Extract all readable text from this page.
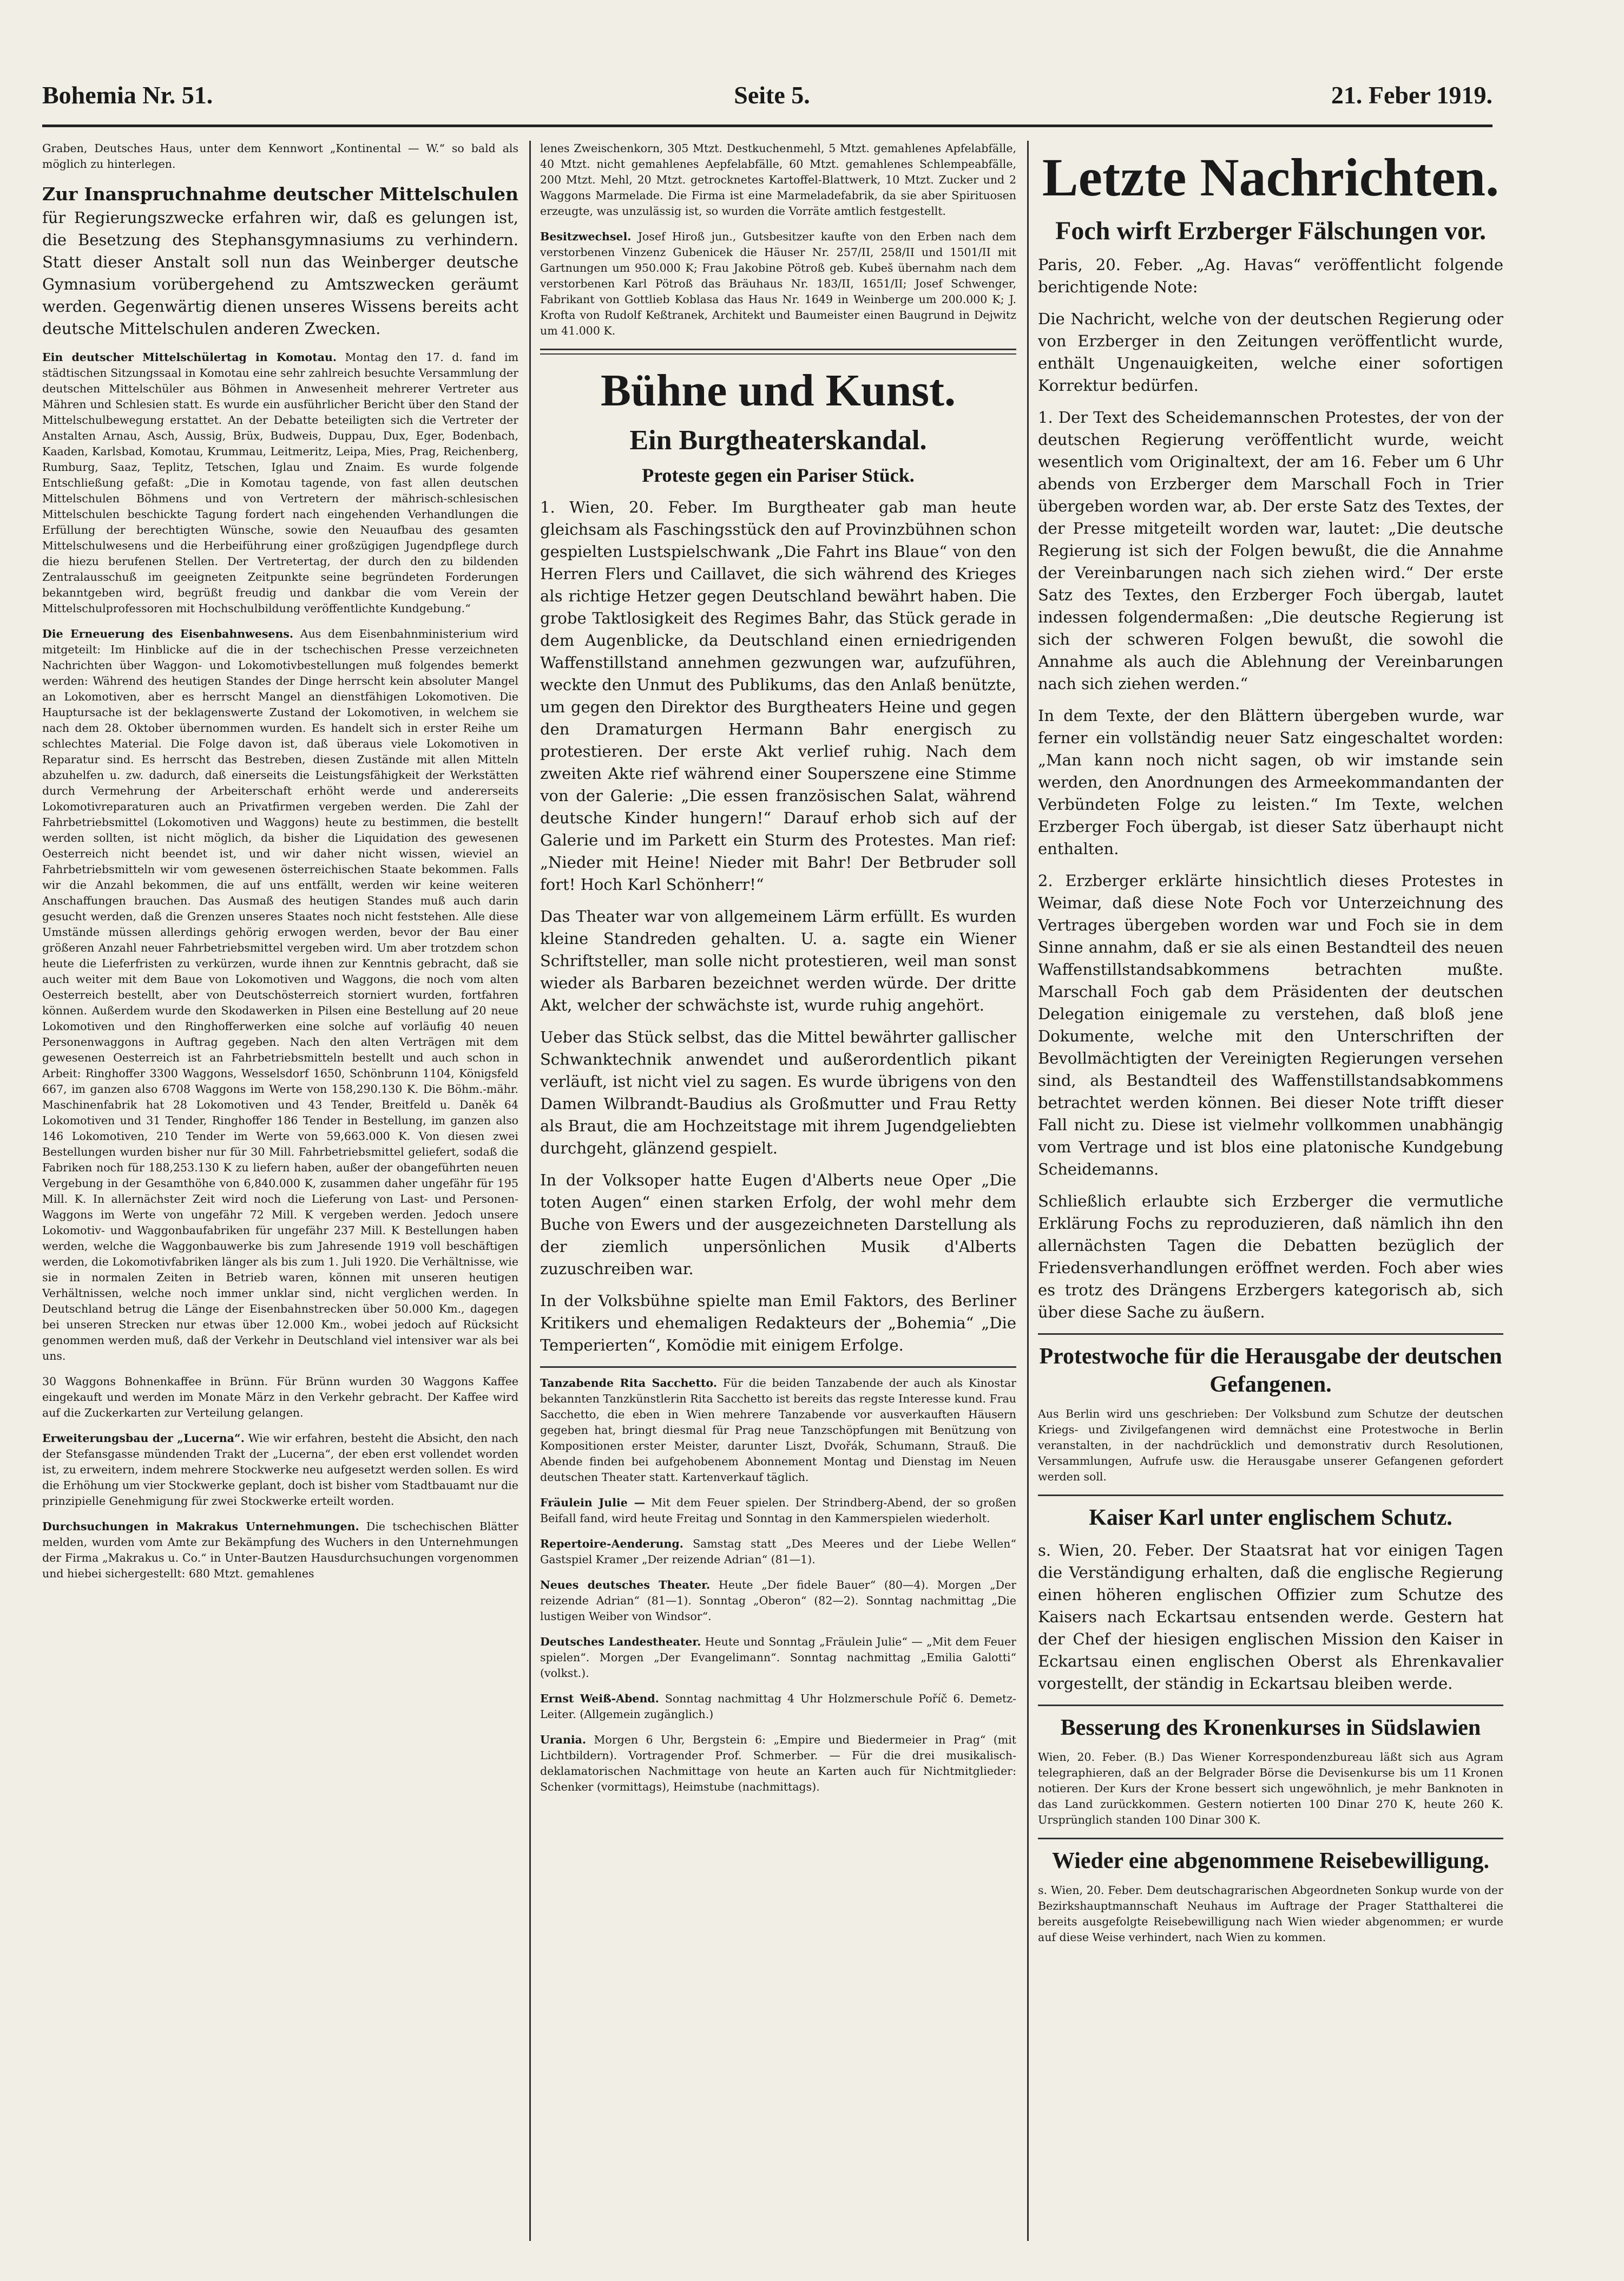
Bohemia Nr. 51.	Seite 5.	21. Feber 1919.

Graben, Deutsches Haus, unter dem Kennwort „Kontinental — W.“ so bald als möglich zu hinterlegen.

Zur Inanspruchnahme deutscher Mittelschulen für Regierungszwecke erfahren wir, daß es gelungen ist, die Besetzung des Stephansgymnasiums zu verhindern. Statt dieser Anstalt soll nun das Weinberger deutsche Gymnasium vorübergehend zu Amtszwecken geräumt werden. Gegenwärtig dienen unseres Wissens bereits acht deutsche Mittelschulen anderen Zwecken.

Ein deutscher Mittelschülertag in Komotau. Montag den 17. d. fand im städtischen Sitzungssaal in Komotau eine sehr zahlreich besuchte Versammlung der deutschen Mittelschüler aus Böhmen in Anwesenheit mehrerer Vertreter aus Mähren und Schlesien statt. Es wurde ein ausführlicher Bericht über den Stand der Mittelschulbewegung erstattet. An der Debatte beteiligten sich die Vertreter der Anstalten Arnau, Asch, Aussig, Brüx, Budweis, Duppau, Dux, Eger, Bodenbach, Kaaden, Karlsbad, Komotau, Krummau, Leitmeritz, Leipa, Mies, Prag, Reichenberg, Rumburg, Saaz, Teplitz, Tetschen, Iglau und Znaim. Es wurde folgende Entschließung gefaßt: „Die in Komotau tagende, von fast allen deutschen Mittelschulen Böhmens und von Vertretern der mährisch-schlesischen Mittelschulen beschickte Tagung fordert nach eingehenden Verhandlungen die Erfüllung der berechtigten Wünsche, sowie den Neuaufbau des gesamten Mittelschulwesens und die Herbeiführung einer großzügigen Jugendpflege durch die hiezu berufenen Stellen. Der Vertretertag, der durch den zu bildenden Zentralausschuß im geeigneten Zeitpunkte seine begründeten Forderungen bekanntgeben wird, begrüßt freudig und dankbar die vom Verein der Mittelschulprofessoren mit Hochschulbildung veröffentlichte Kundgebung.“

Die Erneuerung des Eisenbahnwesens. Aus dem Eisenbahnministerium wird mitgeteilt: Im Hinblicke auf die in der tschechischen Presse verzeichneten Nachrichten über Waggon- und Lokomotivbestellungen muß folgendes bemerkt werden: Während des heutigen Standes der Dinge herrscht kein absoluter Mangel an Lokomotiven, aber es herrscht Mangel an dienstfähigen Lokomotiven. Die Hauptursache ist der beklagenswerte Zustand der Lokomotiven, in welchem sie nach dem 28. Oktober übernommen wurden. Es handelt sich in erster Reihe um schlechtes Material. Die Folge davon ist, daß überaus viele Lokomotiven in Reparatur sind. Es herrscht das Bestreben, diesen Zustände mit allen Mitteln abzuhelfen u. zw. dadurch, daß einerseits die Leistungsfähigkeit der Werkstätten durch Vermehrung der Arbeiterschaft erhöht werde und andererseits Lokomotivreparaturen auch an Privatfirmen vergeben werden. Die Zahl der Fahrbetriebsmittel (Lokomotiven und Waggons) heute zu bestimmen, die bestellt werden sollten, ist nicht möglich, da bisher die Liquidation des gewesenen Oesterreich nicht beendet ist, und wir daher nicht wissen, wieviel an Fahrbetriebsmitteln wir vom gewesenen österreichischen Staate bekommen. Falls wir die Anzahl bekommen, die auf uns entfällt, werden wir keine weiteren Anschaffungen brauchen. Das Ausmaß des heutigen Standes muß auch darin gesucht werden, daß die Grenzen unseres Staates noch nicht feststehen. Alle diese Umstände müssen allerdings gehörig erwogen werden, bevor der Bau einer größeren Anzahl neuer Fahrbetriebsmittel vergeben wird. Um aber trotzdem schon heute die Lieferfristen zu verkürzen, wurde ihnen zur Kenntnis gebracht, daß sie auch weiter mit dem Baue von Lokomotiven und Waggons, die noch vom alten Oesterreich bestellt, aber von Deutschösterreich storniert wurden, fortfahren können. Außerdem wurde den Skodawerken in Pilsen eine Bestellung auf 20 neue Lokomotiven und den Ringhofferwerken eine solche auf vorläufig 40 neuen Personenwaggons in Auftrag gegeben. Nach den alten Verträgen mit dem gewesenen Oesterreich ist an Fahrbetriebsmitteln bestellt und auch schon in Arbeit: Ringhoffer 3300 Waggons, Wesselsdorf 1650, Schönbrunn 1104, Königsfeld 667, im ganzen also 6708 Waggons im Werte von 158,290.130 K. Die Böhm.-mähr. Maschinenfabrik hat 28 Lokomotiven und 43 Tender, Breitfeld u. Daněk 64 Lokomotiven und 31 Tender, Ringhoffer 186 Tender in Bestellung, im ganzen also 146 Lokomotiven, 210 Tender im Werte von 59,663.000 K. Von diesen zwei Bestellungen wurden bisher nur für 30 Mill. Fahrbetriebsmittel geliefert, sodaß die Fabriken noch für 188,253.130 K zu liefern haben, außer der obangeführten neuen Vergebung in der Gesamthöhe von 6,840.000 K, zusammen daher ungefähr für 195 Mill. K. In allernächster Zeit wird noch die Lieferung von Last- und Personen-Waggons im Werte von ungefähr 72 Mill. K vergeben werden. Jedoch unsere Lokomotiv- und Waggonbaufabriken für ungefähr 237 Mill. K Bestellungen haben werden, welche die Waggonbauwerke bis zum Jahresende 1919 voll beschäftigen werden, die Lokomotivfabriken länger als bis zum 1. Juli 1920. Die Verhältnisse, wie sie in normalen Zeiten in Betrieb waren, können mit unseren heutigen Verhältnissen, welche noch immer unklar sind, nicht verglichen werden. In Deutschland betrug die Länge der Eisenbahnstrecken über 50.000 Km., dagegen bei unseren Strecken nur etwas über 12.000 Km., wobei jedoch auf Rücksicht genommen werden muß, daß der Verkehr in Deutschland viel intensiver war als bei uns.

30 Waggons Bohnenkaffee in Brünn. Für Brünn wurden 30 Waggons Kaffee eingekauft und werden im Monate März in den Verkehr gebracht. Der Kaffee wird auf die Zuckerkarten zur Verteilung gelangen.

Erweiterungsbau der „Lucerna“. Wie wir erfahren, besteht die Absicht, den nach der Stefansgasse mündenden Trakt der „Lucerna“, der eben erst vollendet worden ist, zu erweitern, indem mehrere Stockwerke neu aufgesetzt werden sollen. Es wird die Erhöhung um vier Stockwerke geplant, doch ist bisher vom Stadtbauamt nur die prinzipielle Genehmigung für zwei Stockwerke erteilt worden.

Durchsuchungen in Makrakus Unternehmungen. Die tschechischen Blätter melden, wurden vom Amte zur Bekämpfung des Wuchers in den Unternehmungen der Firma „Makrakus u. Co.“ in Unter-Bautzen Hausdurchsuchungen vorgenommen und hiebei sichergestellt: 680 Mtzt. gemahlenes

lenes Zweischenkorn, 305 Mtzt. Destkuchenmehl, 5 Mtzt. gemahlenes Apfelabfälle, 40 Mtzt. nicht gemahlenes Aepfelabfälle, 60 Mtzt. gemahlenes Schlempeabfälle, 200 Mtzt. Mehl, 20 Mtzt. getrocknetes Kartoffel-Blattwerk, 10 Mtzt. Zucker und 2 Waggons Marmelade. Die Firma ist eine Marmeladefabrik, da sie aber Spirituosen erzeugte, was unzulässig ist, so wurden die Vorräte amtlich festgestellt.

Besitzwechsel. Josef Hiroß jun., Gutsbesitzer kaufte von den Erben nach dem verstorbenen Vinzenz Gubenicek die Häuser Nr. 257/II, 258/II und 1501/II mit Gartnungen um 950.000 K; Frau Jakobine Pötroß geb. Kubeš übernahm nach dem verstorbenen Karl Pötroß das Bräuhaus Nr. 183/II, 1651/II; Josef Schwenger, Fabrikant von Gottlieb Koblasa das Haus Nr. 1649 in Weinberge um 200.000 K; J. Krofta von Rudolf Keßtranek, Architekt und Baumeister einen Baugrund in Dejwitz um 41.000 K.

Bühne und Kunst.
Ein Burgtheaterskandal.
Proteste gegen ein Pariser Stück.

1. Wien, 20. Feber. Im Burgtheater gab man heute gleichsam als Faschingsstück den auf Provinzbühnen schon gespielten Lustspielschwank „Die Fahrt ins Blaue“ von den Herren Flers und Caillavet, die sich während des Krieges als richtige Hetzer gegen Deutschland bewährt haben. Die grobe Taktlosigkeit des Regimes Bahr, das Stück gerade in dem Augenblicke, da Deutschland einen erniedrigenden Waffenstillstand annehmen gezwungen war, aufzuführen, weckte den Unmut des Publikums, das den Anlaß benützte, um gegen den Direktor des Burgtheaters Heine und gegen den Dramaturgen Hermann Bahr energisch zu protestieren. Der erste Akt verlief ruhig. Nach dem zweiten Akte rief während einer Souperszene eine Stimme von der Galerie: „Die essen französischen Salat, während deutsche Kinder hungern!“ Darauf erhob sich auf der Galerie und im Parkett ein Sturm des Protestes. Man rief: „Nieder mit Heine! Nieder mit Bahr! Der Betbruder soll fort! Hoch Karl Schönherr!“

Das Theater war von allgemeinem Lärm erfüllt. Es wurden kleine Standreden gehalten. U. a. sagte ein Wiener Schriftsteller, man solle nicht protestieren, weil man sonst wieder als Barbaren bezeichnet werden würde. Der dritte Akt, welcher der schwächste ist, wurde ruhig angehört.

Ueber das Stück selbst, das die Mittel bewährter gallischer Schwanktechnik anwendet und außerordentlich pikant verläuft, ist nicht viel zu sagen. Es wurde übrigens von den Damen Wilbrandt-Baudius als Großmutter und Frau Retty als Braut, die am Hochzeitstage mit ihrem Jugendgeliebten durchgeht, glänzend gespielt.

In der Volksoper hatte Eugen d'Alberts neue Oper „Die toten Augen“ einen starken Erfolg, der wohl mehr dem Buche von Ewers und der ausgezeichneten Darstellung als der ziemlich unpersönlichen Musik d'Alberts zuzuschreiben war.

In der Volksbühne spielte man Emil Faktors, des Berliner Kritikers und ehemaligen Redakteurs der „Bohemia“ „Die Temperierten“, Komödie mit einigem Erfolge.

Tanzabende Rita Sacchetto. Für die beiden Tanzabende der auch als Kinostar bekannten Tanzkünstlerin Rita Sacchetto ist bereits das regste Interesse kund. Frau Sacchetto, die eben in Wien mehrere Tanzabende vor ausverkauften Häusern gegeben hat, bringt diesmal für Prag neue Tanzschöpfungen mit Benützung von Kompositionen erster Meister, darunter Liszt, Dvořák, Schumann, Strauß. Die Abende finden bei aufgehobenem Abonnement Montag und Dienstag im Neuen deutschen Theater statt. Kartenverkauf täglich.

Fräulein Julie — Mit dem Feuer spielen. Der Strindberg-Abend, der so großen Beifall fand, wird heute Freitag und Sonntag in den Kammerspielen wiederholt.

Repertoire-Aenderung. Samstag statt „Des Meeres und der Liebe Wellen“ Gastspiel Kramer „Der reizende Adrian“ (81—1).

Neues deutsches Theater. Heute „Der fidele Bauer“ (80—4). Morgen „Der reizende Adrian“ (81—1). Sonntag „Oberon“ (82—2). Sonntag nachmittag „Die lustigen Weiber von Windsor“.

Deutsches Landestheater. Heute und Sonntag „Fräulein Julie“ — „Mit dem Feuer spielen“. Morgen „Der Evangelimann“. Sonntag nachmittag „Emilia Galotti“ (volkst.).

Ernst Weiß-Abend. Sonntag nachmittag 4 Uhr Holzmerschule Poříč 6. Demetz-Leiter. (Allgemein zugänglich.)

Urania. Morgen 6 Uhr, Bergstein 6: „Empire und Biedermeier in Prag“ (mit Lichtbildern). Vortragender Prof. Schmerber. — Für die drei musikalisch-deklamatorischen Nachmittage von heute an Karten auch für Nichtmitglieder: Schenker (vormittags), Heimstube (nachmittags).

Letzte Nachrichten.
Foch wirft Erzberger Fälschungen vor.

Paris, 20. Feber. „Ag. Havas“ veröffentlicht folgende berichtigende Note:

Die Nachricht, welche von der deutschen Regierung oder von Erzberger in den Zeitungen veröffentlicht wurde, enthält Ungenauigkeiten, welche einer sofortigen Korrektur bedürfen.

1. Der Text des Scheidemannschen Protestes, der von der deutschen Regierung veröffentlicht wurde, weicht wesentlich vom Originaltext, der am 16. Feber um 6 Uhr abends von Erzberger dem Marschall Foch in Trier übergeben worden war, ab. Der erste Satz des Textes, der der Presse mitgeteilt worden war, lautet: „Die deutsche Regierung ist sich der Folgen bewußt, die die Annahme der Vereinbarungen nach sich ziehen wird.“ Der erste Satz des Textes, den Erzberger Foch übergab, lautet indessen folgendermaßen: „Die deutsche Regierung ist sich der schweren Folgen bewußt, die sowohl die Annahme als auch die Ablehnung der Vereinbarungen nach sich ziehen werden.“

In dem Texte, der den Blättern übergeben wurde, war ferner ein vollständig neuer Satz eingeschaltet worden: „Man kann noch nicht sagen, ob wir imstande sein werden, den Anordnungen des Armeekommandanten der Verbündeten Folge zu leisten.“ Im Texte, welchen Erzberger Foch übergab, ist dieser Satz überhaupt nicht enthalten.

2. Erzberger erklärte hinsichtlich dieses Protestes in Weimar, daß diese Note Foch vor Unterzeichnung des Vertrages übergeben worden war und Foch sie in dem Sinne annahm, daß er sie als einen Bestandteil des neuen Waffenstillstandsabkommens betrachten mußte. Marschall Foch gab dem Präsidenten der deutschen Delegation einigemale zu verstehen, daß bloß jene Dokumente, welche mit den Unterschriften der Bevollmächtigten der Vereinigten Regierungen versehen sind, als Bestandteil des Waffenstillstandsabkommens betrachtet werden können. Bei dieser Note trifft dieser Fall nicht zu. Diese ist vielmehr vollkommen unabhängig vom Vertrage und ist blos eine platonische Kundgebung Scheidemanns.

Schließlich erlaubte sich Erzberger die vermutliche Erklärung Fochs zu reproduzieren, daß nämlich ihn den allernächsten Tagen die Debatten bezüglich der Friedensverhandlungen eröffnet werden. Foch aber wies es trotz des Drängens Erzbergers kategorisch ab, sich über diese Sache zu äußern.

Protestwoche für die Herausgabe der deutschen Gefangenen.

Aus Berlin wird uns geschrieben: Der Volksbund zum Schutze der deutschen Kriegs- und Zivilgefangenen wird demnächst eine Protestwoche in Berlin veranstalten, in der nachdrücklich und demonstrativ durch Resolutionen, Versammlungen, Aufrufe usw. die Herausgabe unserer Gefangenen gefordert werden soll.

Kaiser Karl unter englischem Schutz.

s. Wien, 20. Feber. Der Staatsrat hat vor einigen Tagen die Verständigung erhalten, daß die englische Regierung einen höheren englischen Offizier zum Schutze des Kaisers nach Eckartsau entsenden werde. Gestern hat der Chef der hiesigen englischen Mission den Kaiser in Eckartsau einen englischen Oberst als Ehrenkavalier vorgestellt, der ständig in Eckartsau bleiben werde.

Besserung des Kronenkurses in Südslawien

Wien, 20. Feber. (B.) Das Wiener Korrespondenzbureau läßt sich aus Agram telegraphieren, daß an der Belgrader Börse die Devisenkurse bis um 11 Kronen notieren. Der Kurs der Krone bessert sich ungewöhnlich, je mehr Banknoten in das Land zurückkommen. Gestern notierten 100 Dinar 270 K, heute 260 K. Ursprünglich standen 100 Dinar 300 K.

Wieder eine abgenommene Reisebewilligung.

s. Wien, 20. Feber. Dem deutschagrarischen Abgeordneten Sonkup wurde von der Bezirkshauptmannschaft Neuhaus im Auftrage der Prager Statthalterei die bereits ausgefolgte Reisebewilligung nach Wien wieder abgenommen; er wurde auf diese Weise verhindert, nach Wien zu kommen.
